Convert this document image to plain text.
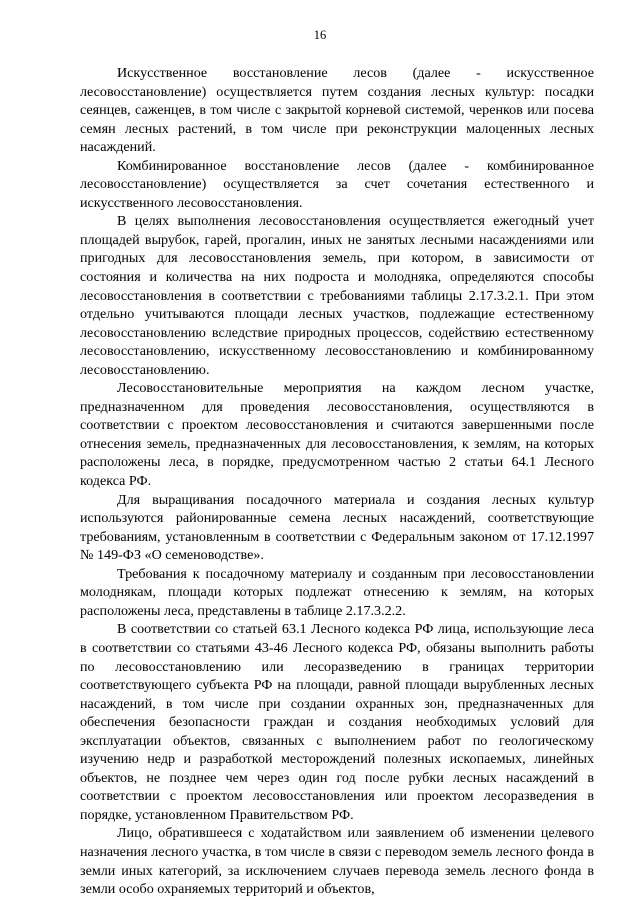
16

Искусственное восстановление лесов (далее - искусственное лесовосстановление) осуществляется путем создания лесных культур: посадки сеянцев, саженцев, в том числе с закрытой корневой системой, черенков или посева семян лесных растений, в том числе при реконструкции малоценных лесных насаждений.

Комбинированное восстановление лесов (далее - комбинированное лесовосстановление) осуществляется за счет сочетания естественного и искусственного лесовосстановления.

В целях выполнения лесовосстановления осуществляется ежегодный учет площадей вырубок, гарей, прогалин, иных не занятых лесными насаждениями или пригодных для лесовосстановления земель, при котором, в зависимости от состояния и количества на них подроста и молодняка, определяются способы лесовосстановления в соответствии с требованиями таблицы 2.17.3.2.1. При этом отдельно учитываются площади лесных участков, подлежащие естественному лесовосстановлению вследствие природных процессов, содействию естественному лесовосстановлению, искусственному лесовосстановлению и комбинированному лесовосстановлению.

Лесовосстановительные мероприятия на каждом лесном участке, предназначенном для проведения лесовосстановления, осуществляются в соответствии с проектом лесовосстановления и считаются завершенными после отнесения земель, предназначенных для лесовосстановления, к землям, на которых расположены леса, в порядке, предусмотренном частью 2 статьи 64.1 Лесного кодекса РФ.

Для выращивания посадочного материала и создания лесных культур используются районированные семена лесных насаждений, соответствующие требованиям, установленным в соответствии с Федеральным законом от 17.12.1997 № 149-ФЗ «О семеноводстве».

Требования к посадочному материалу и созданным при лесовосстановлении молоднякам, площади которых подлежат отнесению к землям, на которых расположены леса, представлены в таблице 2.17.3.2.2.

В соответствии со статьей 63.1 Лесного кодекса РФ лица, использующие леса в соответствии со статьями 43-46 Лесного кодекса РФ, обязаны выполнить работы по лесовосстановлению или лесоразведению в границах территории соответствующего субъекта РФ на площади, равной площади вырубленных лесных насаждений, в том числе при создании охранных зон, предназначенных для обеспечения безопасности граждан и создания необходимых условий для эксплуатации объектов, связанных с выполнением работ по геологическому изучению недр и разработкой месторождений полезных ископаемых, линейных объектов, не позднее чем через один год после рубки лесных насаждений в соответствии с проектом лесовосстановления или проектом лесоразведения в порядке, установленном Правительством РФ.

Лицо, обратившееся с ходатайством или заявлением об изменении целевого назначения лесного участка, в том числе в связи с переводом земель лесного фонда в земли иных категорий, за исключением случаев перевода земель лесного фонда в земли особо охраняемых территорий и объектов,
